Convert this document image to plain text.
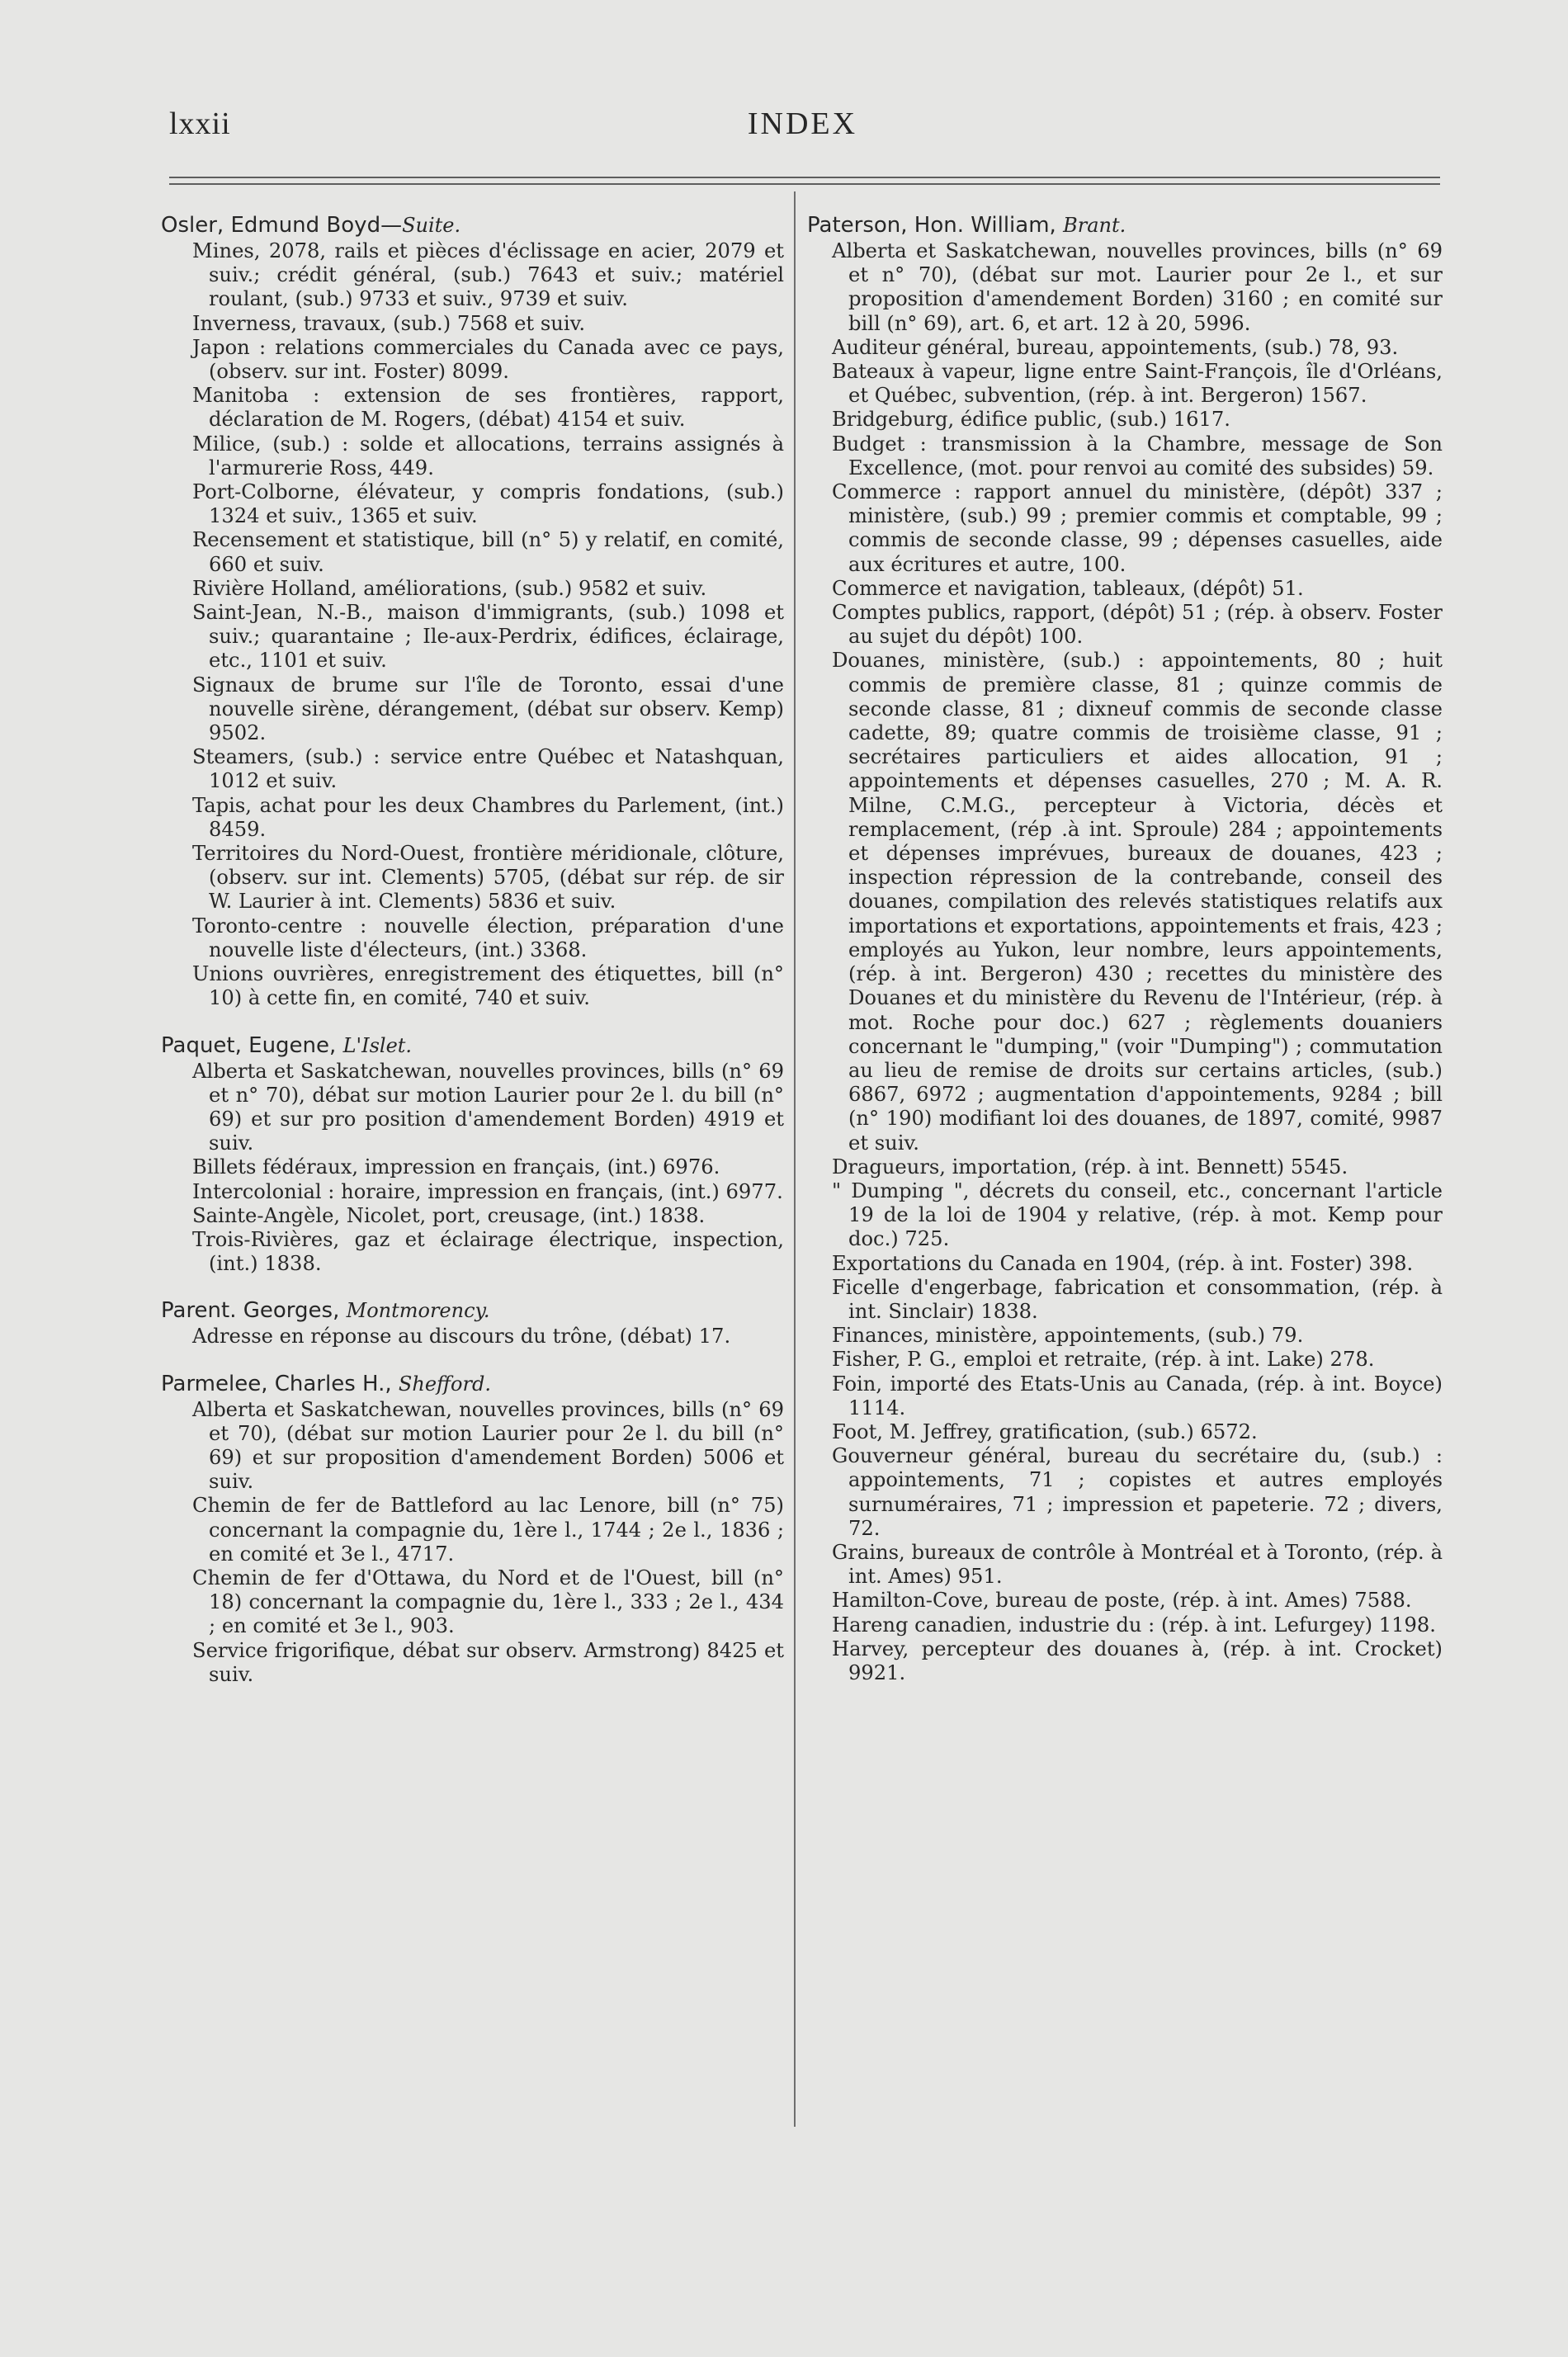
lxxii	INDEX
Osler, Edmund Boyd—Suite.
Mines, 2078, rails et pièces d'éclissage en acier, 2079 et suiv.; crédit général, (sub.) 7643 et suiv.; matériel roulant, (sub.) 9733 et suiv., 9739 et suiv.
Inverness, travaux, (sub.) 7568 et suiv.
Japon : relations commerciales du Canada avec ce pays, (observ. sur int. Foster) 8099.
Manitoba : extension de ses frontières, rapport, déclaration de M. Rogers, (débat) 4154 et suiv.
Milice, (sub.) : solde et allocations, terrains assignés à l'armurerie Ross, 449.
Port-Colborne, élévateur, y compris fondations, (sub.) 1324 et suiv., 1365 et suiv.
Recensement et statistique, bill (n° 5) y relatif, en comité, 660 et suiv.
Rivière Holland, améliorations, (sub.) 9582 et suiv.
Saint-Jean, N.-B., maison d'immigrants, (sub.) 1098 et suiv.; quarantaine ; Ile-aux-Perdrix, édifices, éclairage, etc., 1101 et suiv.
Signaux de brume sur l'île de Toronto, essai d'une nouvelle sirène, dérangement, (débat sur observ. Kemp) 9502.
Steamers, (sub.) : service entre Québec et Natashquan, 1012 et suiv.
Tapis, achat pour les deux Chambres du Parlement, (int.) 8459.
Territoires du Nord-Ouest, frontière méridionale, clôture, (observ. sur int. Clements) 5705, (débat sur rép. de sir W. Laurier à int. Clements) 5836 et suiv.
Toronto-centre : nouvelle élection, préparation d'une nouvelle liste d'électeurs, (int.) 3368.
Unions ouvrières, enregistrement des étiquettes, bill (n° 10) à cette fin, en comité, 740 et suiv.
Paquet, Eugene, L'Islet.
Alberta et Saskatchewan, nouvelles provinces, bills (n° 69 et n° 70), débat sur motion Laurier pour 2e l. du bill (n° 69) et sur pro position d'amendement Borden) 4919 et suiv.
Billets fédéraux, impression en français, (int.) 6976.
Intercolonial : horaire, impression en français, (int.) 6977.
Sainte-Angèle, Nicolet, port, creusage, (int.) 1838.
Trois-Rivières, gaz et éclairage électrique, inspection, (int.) 1838.
Parent. Georges, Montmorency.
Adresse en réponse au discours du trône, (débat) 17.
Parmelee, Charles H., Shefford.
Alberta et Saskatchewan, nouvelles provinces, bills (n° 69 et 70), (débat sur motion Laurier pour 2e l. du bill (n° 69) et sur proposition d'amendement Borden) 5006 et suiv.
Chemin de fer de Battleford au lac Lenore, bill (n° 75) concernant la compagnie du, 1ère l., 1744 ; 2e l., 1836 ; en comité et 3e l., 4717.
Chemin de fer d'Ottawa, du Nord et de l'Ouest, bill (n° 18) concernant la compagnie du, 1ère l., 333 ; 2e l., 434 ; en comité et 3e l., 903.
Service frigorifique, débat sur observ. Armstrong) 8425 et suiv.
Paterson, Hon. William, Brant.
Alberta et Saskatchewan, nouvelles provinces, bills (n° 69 et n° 70), (débat sur mot. Laurier pour 2e l., et sur proposition d'amendement Borden) 3160 ; en comité sur bill (n° 69), art. 6, et art. 12 à 20, 5996.
Auditeur général, bureau, appointements, (sub.) 78, 93.
Bateaux à vapeur, ligne entre Saint-François, île d'Orléans, et Québec, subvention, (rép. à int. Bergeron) 1567.
Bridgeburg, édifice public, (sub.) 1617.
Budget : transmission à la Chambre, message de Son Excellence, (mot. pour renvoi au comité des subsides) 59.
Commerce : rapport annuel du ministère, (dépôt) 337 ; ministère, (sub.) 99 ; premier commis et comptable, 99 ; commis de seconde classe, 99 ; dépenses casuelles, aide aux écritures et autre, 100.
Commerce et navigation, tableaux, (dépôt) 51.
Comptes publics, rapport, (dépôt) 51 ; (rép. à observ. Foster au sujet du dépôt) 100.
Douanes, ministère, (sub.) : appointements, 80 ; huit commis de première classe, 81 ; quinze commis de seconde classe, 81 ; dixneuf commis de seconde classe cadette, 89; quatre commis de troisième classe, 91 ; secrétaires particuliers et aides allocation, 91 ; appointements et dépenses casuelles, 270 ; M. A. R. Milne, C.M.G., percepteur à Victoria, décès et remplacement, (rép .à int. Sproule) 284 ; appointements et dépenses imprévues, bureaux de douanes, 423 ; inspection répression de la contrebande, conseil des douanes, compilation des relevés statistiques relatifs aux importations et exportations, appointements et frais, 423 ; employés au Yukon, leur nombre, leurs appointements, (rép. à int. Bergeron) 430 ; recettes du ministère des Douanes et du ministère du Revenu de l'Intérieur, (rép. à mot. Roche pour doc.) 627 ; règlements douaniers concernant le "dumping," (voir "Dumping") ; commutation au lieu de remise de droits sur certains articles, (sub.) 6867, 6972 ; augmentation d'appointements, 9284 ; bill (n° 190) modifiant loi des douanes, de 1897, comité, 9987 et suiv.
Dragueurs, importation, (rép. à int. Bennett) 5545.
" Dumping ", décrets du conseil, etc., concernant l'article 19 de la loi de 1904 y relative, (rép. à mot. Kemp pour doc.) 725.
Exportations du Canada en 1904, (rép. à int. Foster) 398.
Ficelle d'engerbage, fabrication et consommation, (rép. à int. Sinclair) 1838.
Finances, ministère, appointements, (sub.) 79.
Fisher, P. G., emploi et retraite, (rép. à int. Lake) 278.
Foin, importé des Etats-Unis au Canada, (rép. à int. Boyce) 1114.
Foot, M. Jeffrey, gratification, (sub.) 6572.
Gouverneur général, bureau du secrétaire du, (sub.) : appointements, 71 ; copistes et autres employés surnuméraires, 71 ; impression et papeterie. 72 ; divers, 72.
Grains, bureaux de contrôle à Montréal et à Toronto, (rép. à int. Ames) 951.
Hamilton-Cove, bureau de poste, (rép. à int. Ames) 7588.
Hareng canadien, industrie du : (rép. à int. Lefurgey) 1198.
Harvey, percepteur des douanes à, (rép. à int. Crocket) 9921.
